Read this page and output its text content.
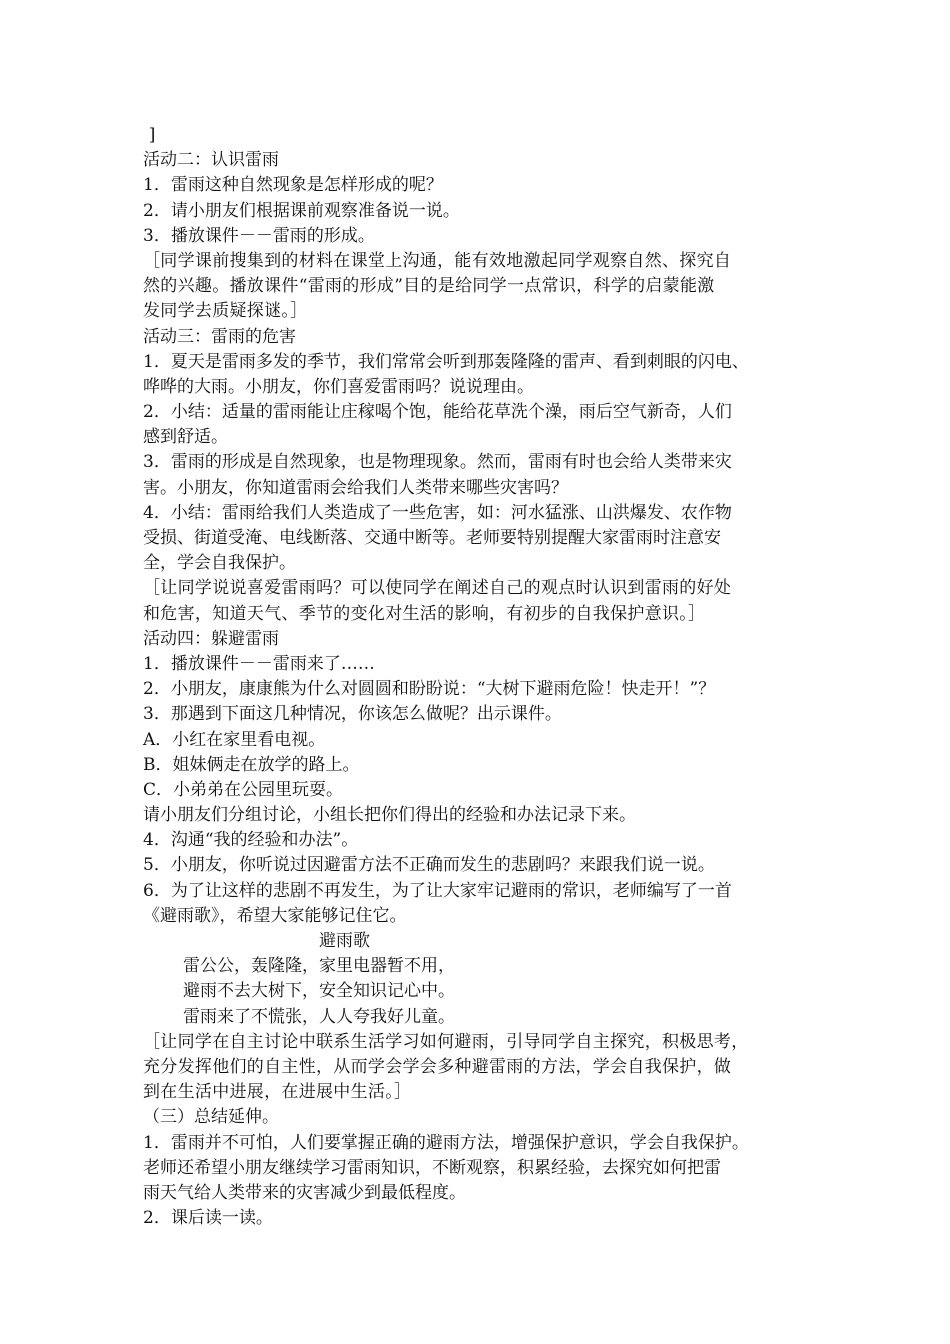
]
活动二：认识雷雨
1．雷雨这种自然现象是怎样形成的呢？
2．请小朋友们根据课前观察准备说一说。
3．播放课件－－雷雨的形成。
［同学课前搜集到的材料在课堂上沟通，能有效地激起同学观察自然、探究自
然的兴趣。播放课件“雷雨的形成”目的是给同学一点常识，科学的启蒙能激
发同学去质疑探谜。］
活动三：雷雨的危害
1．夏天是雷雨多发的季节，我们常常会听到那轰隆隆的雷声、看到刺眼的闪电、
哗哗的大雨。小朋友，你们喜爱雷雨吗？说说理由。
2．小结：适量的雷雨能让庄稼喝个饱，能给花草洗个澡，雨后空气新奇，人们
感到舒适。
3．雷雨的形成是自然现象，也是物理现象。然而，雷雨有时也会给人类带来灾
害。小朋友，你知道雷雨会给我们人类带来哪些灾害吗？
4．小结：雷雨给我们人类造成了一些危害，如：河水猛涨、山洪爆发、农作物
受损、街道受淹、电线断落、交通中断等。老师要特别提醒大家雷雨时注意安
全，学会自我保护。
［让同学说说喜爱雷雨吗？可以使同学在阐述自己的观点时认识到雷雨的好处
和危害，知道天气、季节的变化对生活的影响，有初步的自我保护意识。］
活动四：躲避雷雨
1．播放课件－－雷雨来了……
2．小朋友，康康熊为什么对圆圆和盼盼说：“大树下避雨危险！快走开！”？
3．那遇到下面这几种情况，你该怎么做呢？出示课件。
A．小红在家里看电视。
B．姐妹俩走在放学的路上。
C．小弟弟在公园里玩耍。
请小朋友们分组讨论，小组长把你们得出的经验和办法记录下来。
4．沟通“我的经验和办法”。
5．小朋友，你听说过因避雷方法不正确而发生的悲剧吗？来跟我们说一说。
6．为了让这样的悲剧不再发生，为了让大家牢记避雨的常识，老师编写了一首
《避雨歌》，希望大家能够记住它。
避雨歌
雷公公，轰隆隆，家里电器暂不用，
避雨不去大树下，安全知识记心中。
雷雨来了不慌张，人人夸我好儿童。
［让同学在自主讨论中联系生活学习如何避雨，引导同学自主探究，积极思考，
充分发挥他们的自主性，从而学会学会多种避雷雨的方法，学会自我保护，做
到在生活中进展，在进展中生活。］
（三）总结延伸。
1．雷雨并不可怕，人们要掌握正确的避雨方法，增强保护意识，学会自我保护。
老师还希望小朋友继续学习雷雨知识，不断观察，积累经验，去探究如何把雷
雨天气给人类带来的灾害减少到最低程度。
2．课后读一读。
